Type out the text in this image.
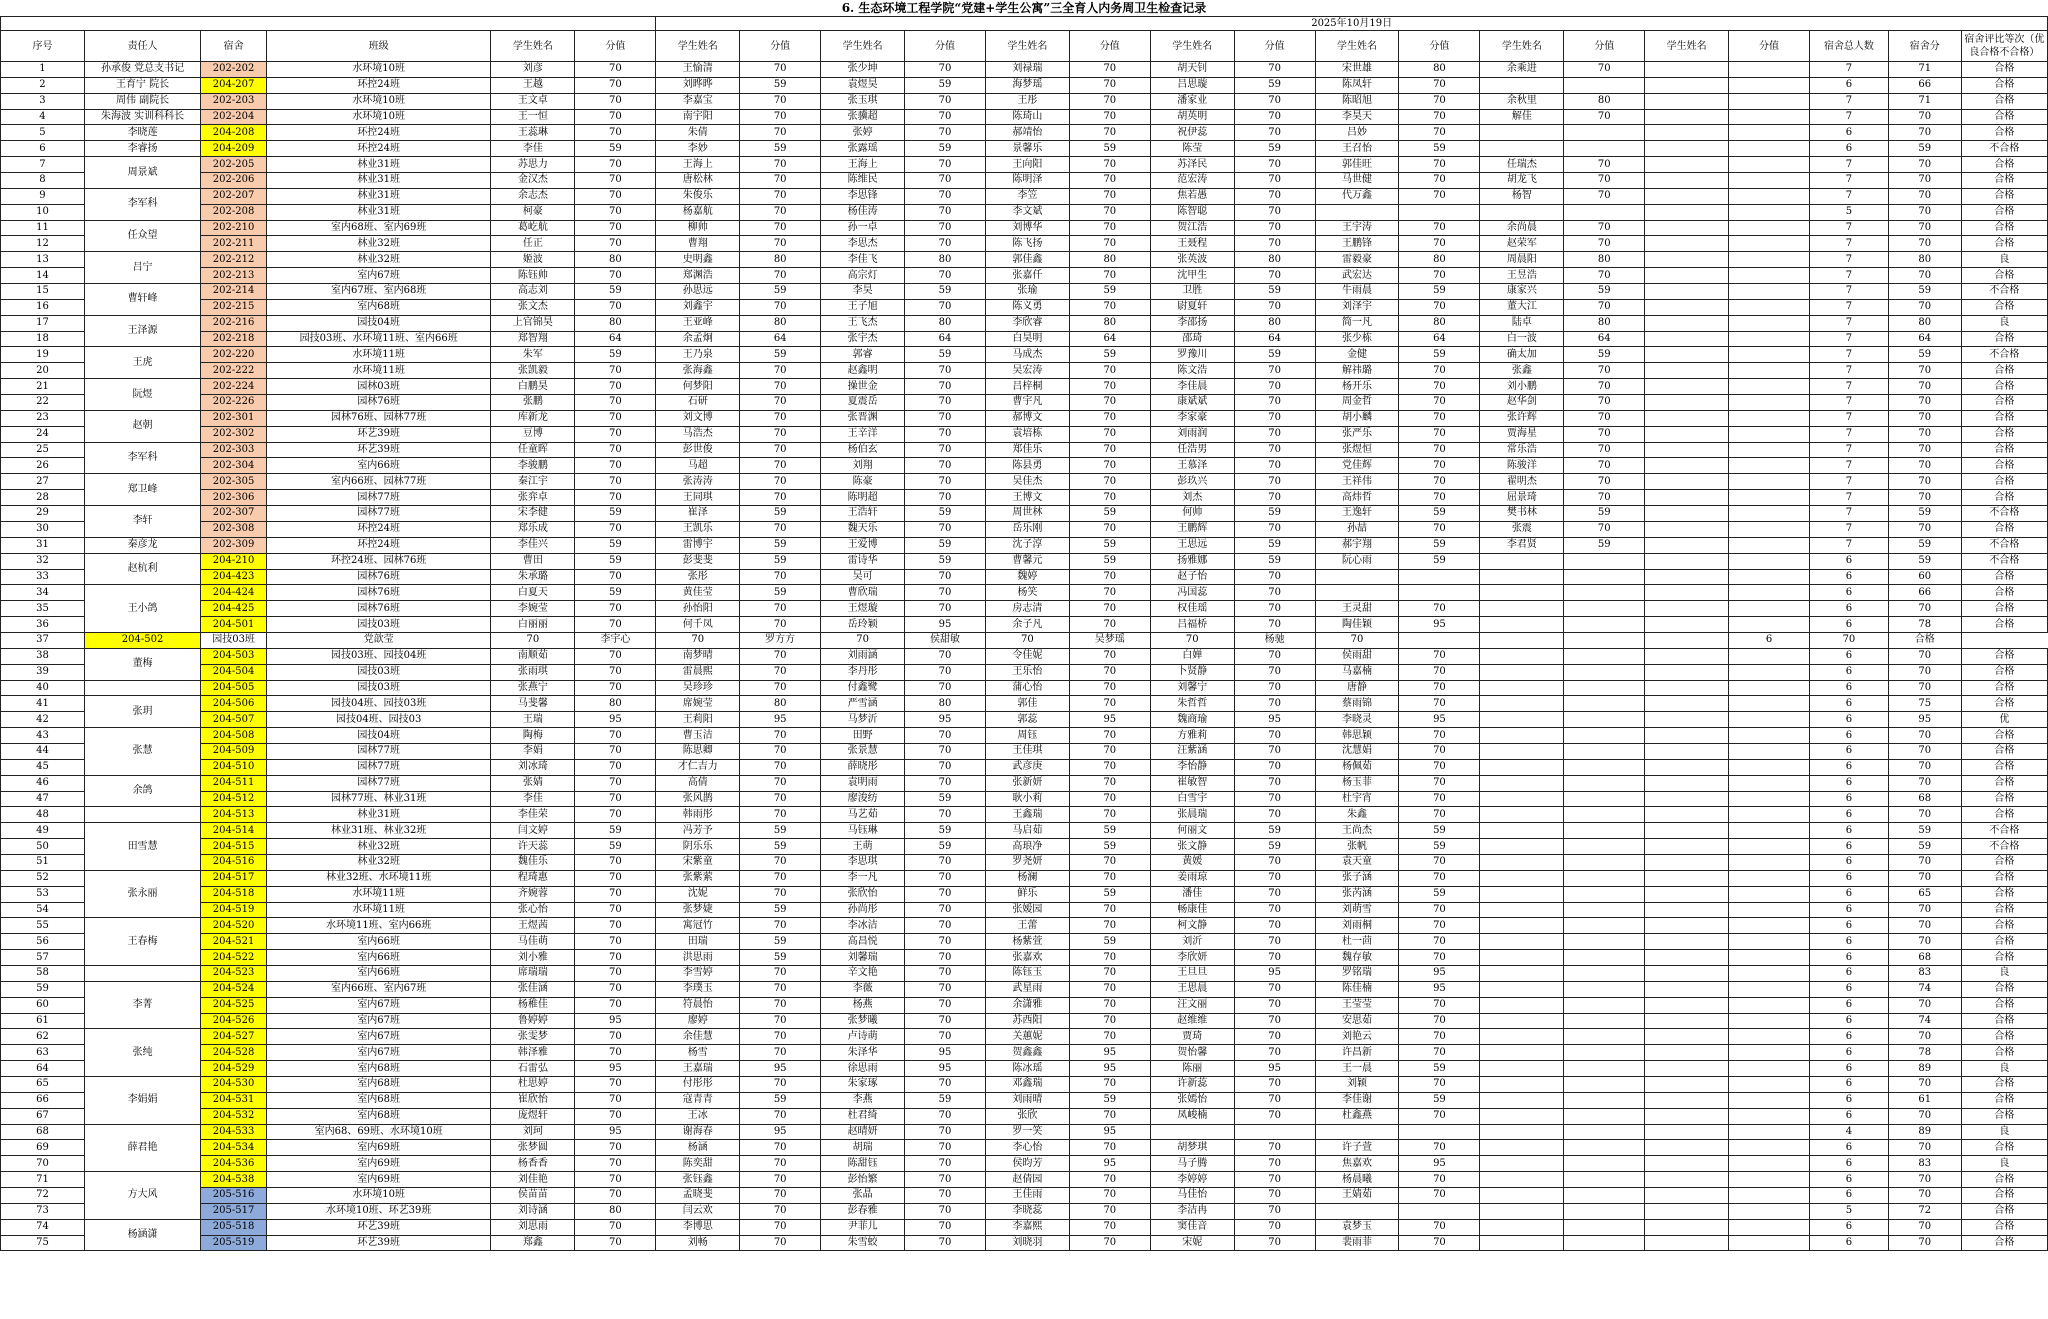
6. 生态环境工程学院“党建+学生公寓”三全育人内务周卫生检查记录
						2025年10月19日																
序号	责任人	宿舍	班级	学生姓名	分值	学生姓名	分值	学生姓名	分值	学生姓名	分值	学生姓名	分值	学生姓名	分值	学生姓名	分值	学生姓名	分值	宿舍总人数	宿舍分	宿舍评比等次（优良合格不合格）
1	孙承俊 党总支书记	202-202	水环境10班	刘彦	70	王愉清	70	张少坤	70	刘禄瑞	70	胡天钊	70	宋世雄	80	余乘进	70			7	71	合格
2	王育宁 院长	204-207	环控24班	王越	70	刘晔晔	59	袁煜昊	59	海梦瑶	70	吕思璇	59	陈凤轩	70					6	66	合格
3	周伟 副院长	202-203	水环境10班	王文卓	70	李嘉宝	70	张玉琪	70	王彤	70	潘家业	70	陈昭旭	70	余秋里	80			7	71	合格
4	朱海波 实训科科长	202-204	水环境10班	王一恒	70	南宇阳	70	张骥超	70	陈琦山	70	胡英明	70	李昊天	70	解佳	70			7	70	合格
5	李晓莲	204-208	环控24班	王蕊琳	70	朱倩	70	张婷	70	郝靖怡	70	祝伊蕊	70	吕妙	70					6	70	合格
6	李睿扬	204-209	环控24班	李佳	59	李妙	59	张露瑶	59	景馨乐	59	陈莹	59	王召怡	59					6	59	不合格
7	周景斌	202-205	林业31班	苏思力	70	王海上	70	王海上	70	王向阳	70	苏泽民	70	郭佳旺	70	任瑞杰	70			7	70	合格
8		202-206	林业31班	金汉杰	70	唐松林	70	陈维民	70	陈明泽	70	范宏涛	70	马世健	70	胡龙飞	70			7	70	合格
9	李军科	202-207	林业31班	余志杰	70	朱俊乐	70	李思锋	70	李笠	70	焦若愚	70	代万鑫	70	杨智	70			7	70	合格
10		202-208	林业31班	柯豪	70	杨嘉航	70	杨佳涛	70	李文斌	70	陈智聪	70							5	70	合格
11	任众望	202-210	室内68班、室内69班	葛屹航	70	柳帅	70	孙一卓	70	刘博华	70	贺江浩	70	王宇涛	70	余尚晨	70			7	70	合格
12		202-211	林业32班	任正	70	曹翔	70	李思杰	70	陈飞扬	70	王聂程	70	王鹏锋	70	赵荣军	70			7	70	合格
13	吕宁	202-212	林业32班	姬波	80	史明鑫	80	李佳飞	80	郭佳鑫	80	张英波	80	雷毅豪	80	周晨阳	80			7	80	良
14		202-213	室内67班	陈钰帅	70	郑渊浩	70	高宗灯	70	张嘉仟	70	沈甲生	70	武宏达	70	王昱浩	70			7	70	合格
15	曹轩峰	202-214	室内67班、室内68班	高志刘	59	孙思远	59	李昊	59	张瑜	59	卫胜	59	牛雨晨	59	康家兴	59			7	59	不合格
16		202-215	室内68班	张文杰	70	刘鑫宇	70	王子旭	70	陈义勇	70	尉夏轩	70	刘泽宇	70	董大江	70			7	70	合格
17	王泽源	202-216	园技04班	上官锦昊	80	王亚峰	80	王飞杰	80	李欣睿	80	李邵扬	80	简一凡	80	陆卓	80			7	80	良
18		202-218	园技03班、水环境11班、室内66班	郑智翔	64	余孟炯	64	张宇杰	64	白昊明	64	邵琦	64	张少栋	64	白一波	64			7	64	合格
19	王虎	202-220	水环境11班	朱军	59	王乃泉	59	郭睿	59	马成杰	59	罗豫川	59	金健	59	确太加	59			7	59	不合格
20		202-222	水环境11班	张凯毅	70	张海鑫	70	赵鑫明	70	吴宏涛	70	陈文浩	70	解祎璐	70	张鑫	70			7	70	合格
21	阮煜	202-224	园林03班	白鹏昊	70	何梦阳	70	操世金	70	吕梓桐	70	李佳晨	70	杨开乐	70	刘小鹏	70			7	70	合格
22		202-226	园林76班	张鹏	70	石研	70	夏震岳	70	曹宇凡	70	康斌斌	70	周金哲	70	赵华剑	70			7	70	合格
23	赵朝	202-301	园林76班、园林77班	库新龙	70	刘文博	70	张晋渊	70	郝博文	70	李家豪	70	胡小麟	70	张许辉	70			7	70	合格
24		202-302	环艺39班	豆博	70	马浩杰	70	王辛洋	70	袁培栋	70	刘雨润	70	张严乐	70	贾海星	70			7	70	合格
25	李军科	202-303	环艺39班	任童晖	70	彭世俊	70	杨伯玄	70	郑佳乐	70	任浩男	70	张煜恒	70	常乐浩	70			7	70	合格
26		202-304	室内66班	李骏鹏	70	马超	70	刘翔	70	陈县勇	70	王慕泽	70	党佳辉	70	陈骏洋	70			7	70	合格
27	郑卫峰	202-305	室内66班、园林77班	秦江宇	70	张涛涛	70	陈豪	70	吴佳杰	70	彭玖兴	70	王祥伟	70	翟明杰	70			7	70	合格
28		202-306	园林77班	张弈卓	70	王同琪	70	陈明超	70	王博文	70	刘杰	70	高炜哲	70	屈景琦	70			7	70	合格
29	李轩	202-307	园林77班	宋李健	59	崔泽	59	王浩轩	59	周世林	59	何帅	59	王逸轩	59	樊书林	59			7	59	不合格
30		202-308	环控24班	郑乐成	70	王凯乐	70	魏天乐	70	岳乐刚	70	王鹏辉	70	孙喆	70	张震	70			7	70	合格
31	秦彦龙	202-309	环控24班	李佳兴	59	雷博宇	59	王爱博	59	沈子淳	59	王思远	59	郝宇翔	59	李君贤	59			7	59	不合格
32	赵杭利	204-210	环控24班、园林76班	曹田	59	彭斐斐	59	雷诗华	59	曹馨元	59	扬雅娜	59	阮心雨	59					6	59	不合格
33		204-423	园林76班	朱承璐	70	张彤	70	吴可	70	魏婷	70	赵子怡	70							6	60	合格
34	王小鸽	204-424	园林76班	白夏天	59	黄佳莹	59	曹欣瑞	70	杨笑	70	冯国蕊	70							6	66	合格
35		204-425	园林76班	李婉莹	70	孙怡阳	70	王煜璇	70	房志清	70	权佳瑶	70	王灵甜	70					6	70	合格
36		204-501	园技03班	白丽丽	70	何千凤	70	岳玲颖	95	余子凡	70	吕福桥	70	陶佳颖	95					6	78	合格
37	204-502	园技03班	党歆莹	70	李宇心	70	罗方方	70	侯甜敏	70	吴梦瑶	70	杨驰	70					6	70	合格	
38	董梅	204-503	园技03班、园技04班	南顺茹	70	南梦晴	70	刘雨涵	70	令佳妮	70	白婵	70	侯雨甜	70					6	70	合格
39		204-504	园技03班	张雨琪	70	雷晨熙	70	李丹彤	70	王乐怡	70	卜贤静	70	马嘉楠	70					6	70	合格
40		204-505	园技03班	张燕宁	70	吴珍珍	70	付鑫鹭	70	蒲心怡	70	刘馨宁	70	唐静	70					6	70	合格
41	张玥	204-506	园技04班、园技03班	马斐馨	80	席婉莹	80	严雪涵	80	郭佳	70	朱哲哲	70	蔡雨锦	70					6	75	合格
42		204-507	园技04班、园技03	王瑞	95	王莉阳	95	马梦沂	95	郭蕊	95	魏商瑜	95	李晓灵	95					6	95	优
43	张慧	204-508	园技04班	陶梅	70	曹玉洁	70	田野	70	周钰	70	方雅莉	70	韩思颖	70					6	70	合格
44		204-509	园林77班	李娟	70	陈思卿	70	张景慧	70	王佳琪	70	汪紫涵	70	沈慧娟	70					6	70	合格
45		204-510	园林77班	刘冰琦	70	才仁吉力	70	薛晓彤	70	武彦庚	70	李怡静	70	杨佩茹	70					6	70	合格
46	余鸽	204-511	园林77班	张婧	70	高倩	70	袁明雨	70	张新妍	70	崔敏智	70	杨玉菲	70					6	70	合格
47		204-512	园林77班、林业31班	李佳	70	张风鹊	70	廖浚纺	59	耿小莉	70	白雪宇	70	杜宇宵	70					6	68	合格
48		204-513	林业31班	李佳荣	70	韩雨彤	70	马艺茹	70	王鑫瑞	70	张晨瑞	70	朱鑫	70					6	70	合格
49	田雪慧	204-514	林业31班、林业32班	闫文婷	59	冯芳予	59	马钰琳	59	马启茹	59	何丽文	59	王尚杰	59					6	59	不合格
50		204-515	林业32班	许天蕊	59	阴乐乐	59	王萌	59	高琅净	59	张文静	59	张帆	59					6	59	不合格
51		204-516	林业32班	魏佳乐	70	宋紫童	70	李思琪	70	罗尧妍	70	黄媛	70	袁天童	70					6	70	合格
52	张永丽	204-517	林业32班、水环境11班	程琦惠	70	张紫萦	70	李一凡	70	杨澜	70	姜雨琼	70	张子涵	70					6	70	合格
53		204-518	水环境11班	齐婉蓉	70	沈妮	70	张欣怡	70	鲜乐	59	潘佳	70	张芮涵	59					6	65	合格
54		204-519	水环境11班	张心怡	70	张梦婕	59	孙尚彤	70	张嫒园	70	畅康佳	70	刘萌雪	70					6	70	合格
55	王春梅	204-520	水环境11班、室内66班	王煜茜	70	寓冠竹	70	李冰洁	70	王蕾	70	柯文静	70	刘雨桐	70					6	70	合格
56		204-521	室内66班	马佳萌	70	田瑞	59	高昌悦	70	杨紫萱	59	刘沂	70	杜一茴	70					6	70	合格
57		204-522	室内66班	刘小雅	70	洪思雨	59	刘馨瑞	70	张嘉欢	70	李欣妍	70	魏存敏	70					6	68	合格
58		204-523	室内66班	席瑞瑞	70	李雪婷	70	辛文艳	70	陈钰玉	70	王旦旦	95	罗铭瑞	95					6	83	良
59	李菁	204-524	室内66班、室内67班	张佳涵	70	李璞玉	70	李薇	70	武星雨	70	王思晨	70	陈佳楠	95					6	74	合格
60		204-525	室内67班	杨稚佳	70	符晨怡	70	杨燕	70	余潇雅	70	汪文丽	70	王莹莹	70					6	70	合格
61		204-526	室内67班	鲁婷婷	95	廖婷	70	张梦曦	70	苏西阳	70	赵维维	70	安思茹	70					6	74	合格
62	张纯	204-527	室内67班	张雯梦	70	余佳慧	70	卢诗萌	70	关蕙妮	70	贾琦	70	刘艳云	70					6	70	合格
63		204-528	室内67班	韩泽雅	70	杨雪	70	朱泽华	95	贺鑫鑫	95	贺怡馨	70	许昌新	70					6	78	合格
64		204-529	室内68班	石雷弘	95	王嘉瑞	95	徐思雨	95	陈冰瑶	95	陈丽	95	王一晨	59					6	89	良
65	李娟娟	204-530	室内68班	杜思婷	70	付彤彤	70	朱家琢	70	邓鑫瑞	70	许新蕊	70	刘颖	70					6	70	合格
66		204-531	室内68班	崔欣怡	70	寇青青	59	李燕	59	刘雨晴	59	张嫣怡	70	李佳谢	59					6	61	合格
67		204-532	室内68班	庞煜轩	70	王冰	70	杜君绮	70	张欣	70	凤峻楠	70	杜鑫燕	70					6	70	合格
68	薛君艳	204-533	室内68、69班、水环境10班	刘珂	95	谢海春	95	赵晴妍	70	罗一笑	95									4	89	良
69		204-534	室内69班	张梦圆	70	杨涵	70	胡瑞	70	李心怡	70	胡梦琪	70	许子萱	70					6	70	合格
70		204-536	室内69班	杨香香	70	陈奕甜	70	陈甜钰	70	侯昀芳	95	马子腾	70	焦嘉欢	95					6	83	良
71	方大风	204-538	室内69班	刘佳艳	70	张钰鑫	70	彭怡繁	70	赵倩园	70	李婷婷	70	杨晨曦	70					6	70	合格
72		205-516	水环境10班	侯苗苗	70	孟晓斐	70	张晶	70	王佳雨	70	马佳怡	70	王婧茹	70					6	70	合格
73		205-517	水环境10班、环艺39班	刘诗涵	80	闫云欢	70	彭春雅	70	李晓蕊	70	李洁冉	70							5	72	合格
74	杨涵潇	205-518	环艺39班	刘思雨	70	李博思	70	尹菲儿	70	李嘉熙	70	窦佳音	70	袁梦玉	70					6	70	合格
75		205-519	环艺39班	郑鑫	70	刘畅	70	朱雪蛟	70	刘晓羽	70	宋妮	70	裴雨菲	70					6	70	合格
